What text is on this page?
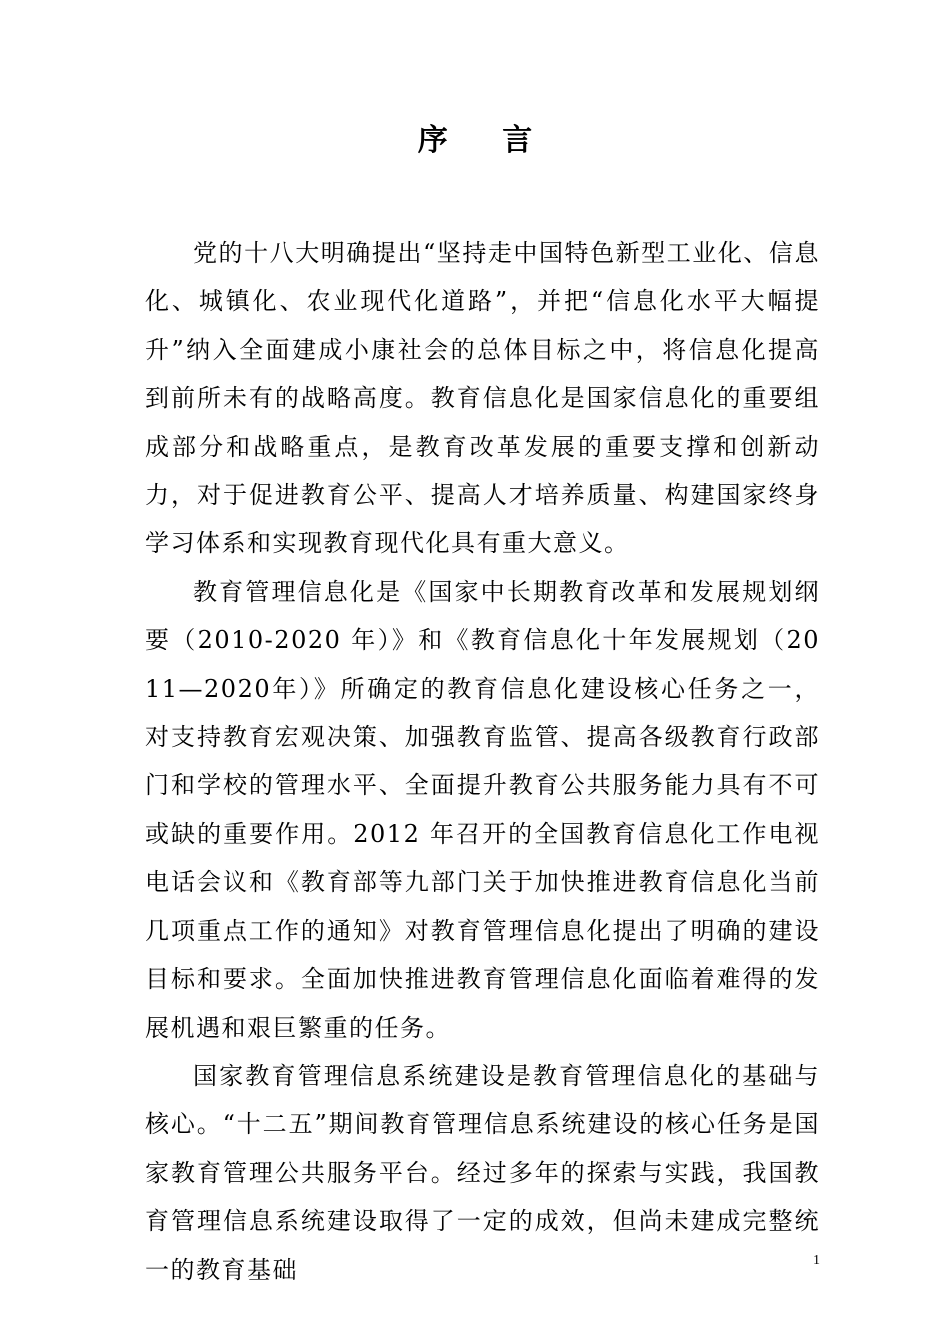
序 言

党的十八大明确提出“坚持走中国特色新型工业化、信息化、城镇化、农业现代化道路”，并把“信息化水平大幅提升”纳入全面建成小康社会的总体目标之中，将信息化提高到前所未有的战略高度。教育信息化是国家信息化的重要组成部分和战略重点，是教育改革发展的重要支撑和创新动力，对于促进教育公平、提高人才培养质量、构建国家终身学习体系和实现教育现代化具有重大意义。

教育管理信息化是《国家中长期教育改革和发展规划纲要（2010-2020 年）》和《教育信息化十年发展规划（2011—2020年）》所确定的教育信息化建设核心任务之一，对支持教育宏观决策、加强教育监管、提高各级教育行政部门和学校的管理水平、全面提升教育公共服务能力具有不可或缺的重要作用。2012 年召开的全国教育信息化工作电视电话会议和《教育部等九部门关于加快推进教育信息化当前几项重点工作的通知》对教育管理信息化提出了明确的建设目标和要求。全面加快推进教育管理信息化面临着难得的发展机遇和艰巨繁重的任务。

国家教育管理信息系统建设是教育管理信息化的基础与核心。“十二五”期间教育管理信息系统建设的核心任务是国家教育管理公共服务平台。经过多年的探索与实践，我国教育管理信息系统建设取得了一定的成效，但尚未建成完整统一的教育基础	1
